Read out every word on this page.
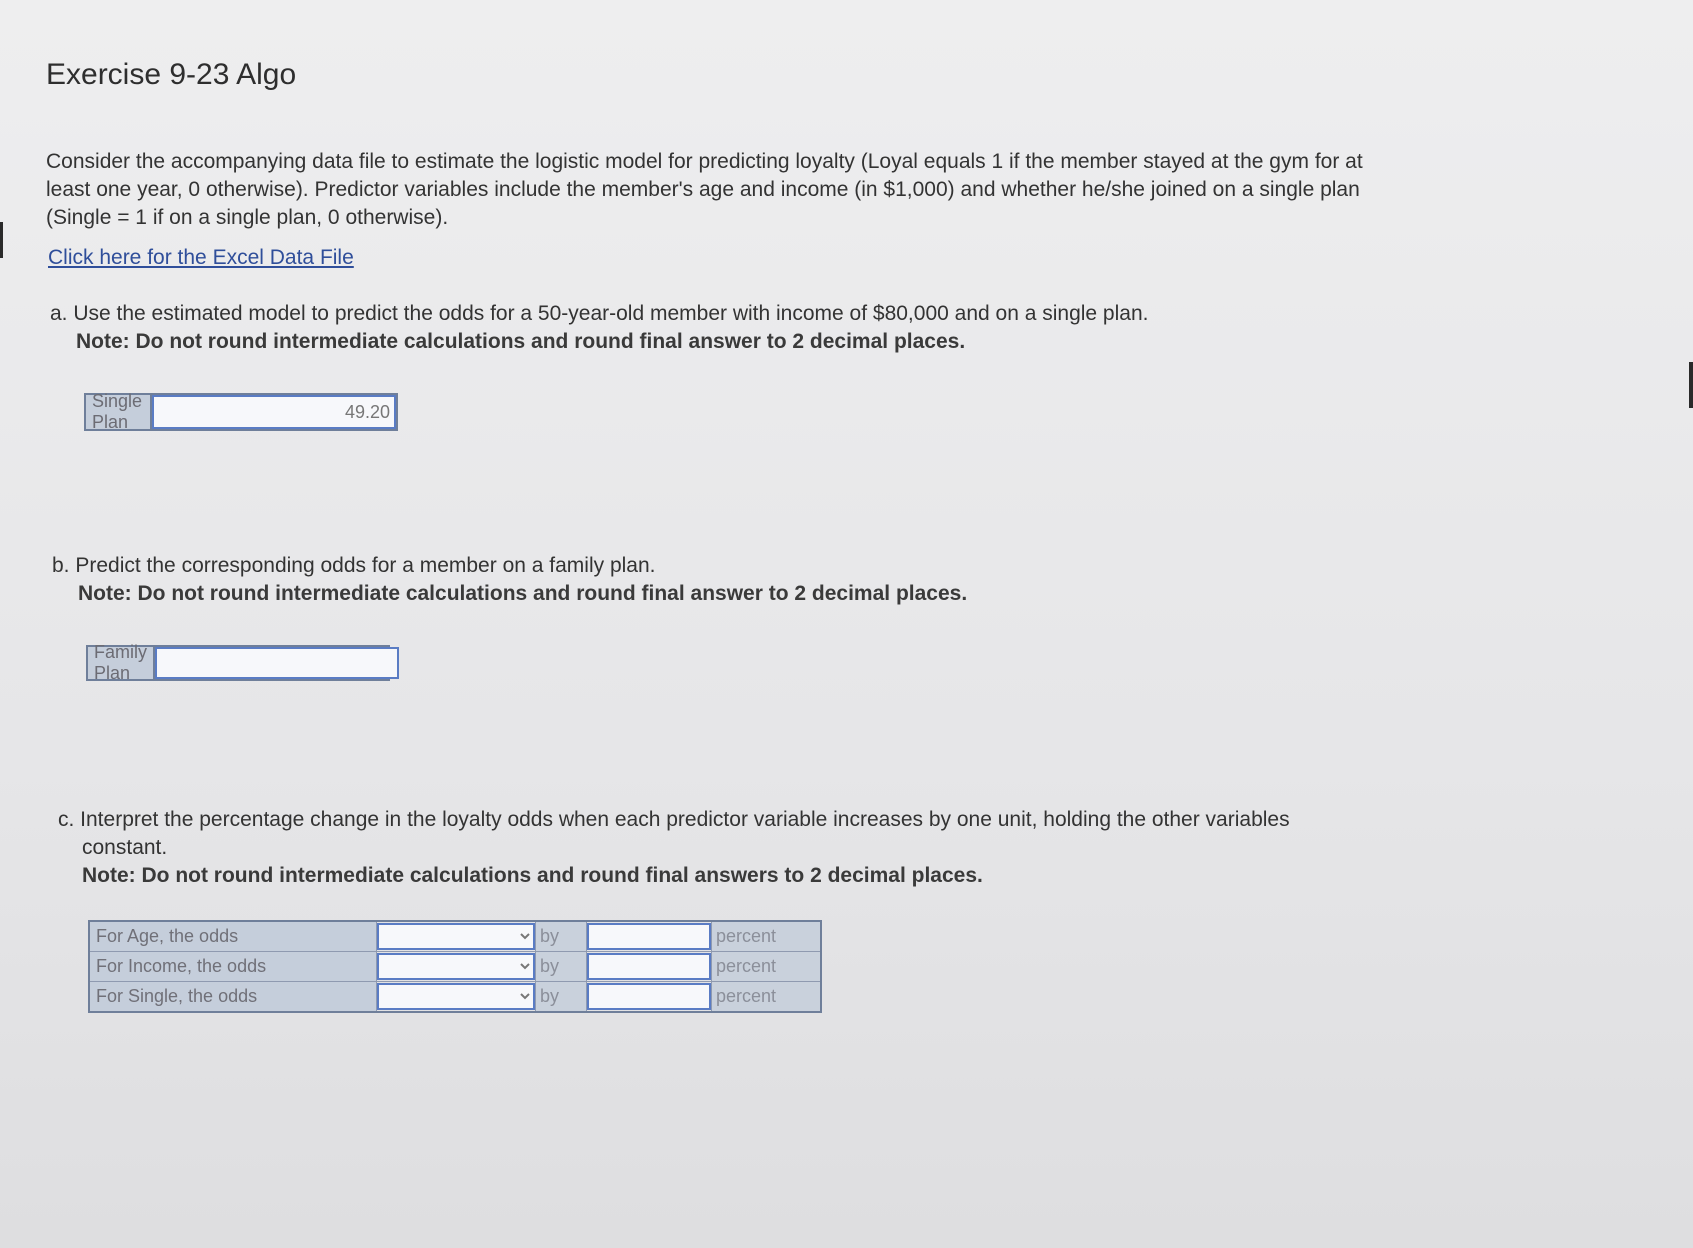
Exercise 9-23 Algo
Consider the accompanying data file to estimate the logistic model for predicting loyalty (Loyal equals 1 if the member stayed at the gym for at least one year, 0 otherwise). Predictor variables include the member's age and income (in $1,000) and whether he/she joined on a single plan (Single = 1 if on a single plan, 0 otherwise).
Click here for the Excel Data File
a. Use the estimated model to predict the odds for a 50-year-old member with income of $80,000 and on a single plan.
Note: Do not round intermediate calculations and round final answer to 2 decimal places.
Single Plan
49.20
b. Predict the corresponding odds for a member on a family plan.
Note: Do not round intermediate calculations and round final answer to 2 decimal places.
Family Plan
c. Interpret the percentage change in the loyalty odds when each predictor variable increases by one unit, holding the other variables
constant.
Note: Do not round intermediate calculations and round final answers to 2 decimal places.
For Age, the odds		by		percent
For Income, the odds		by		percent
For Single, the odds		by		percent
